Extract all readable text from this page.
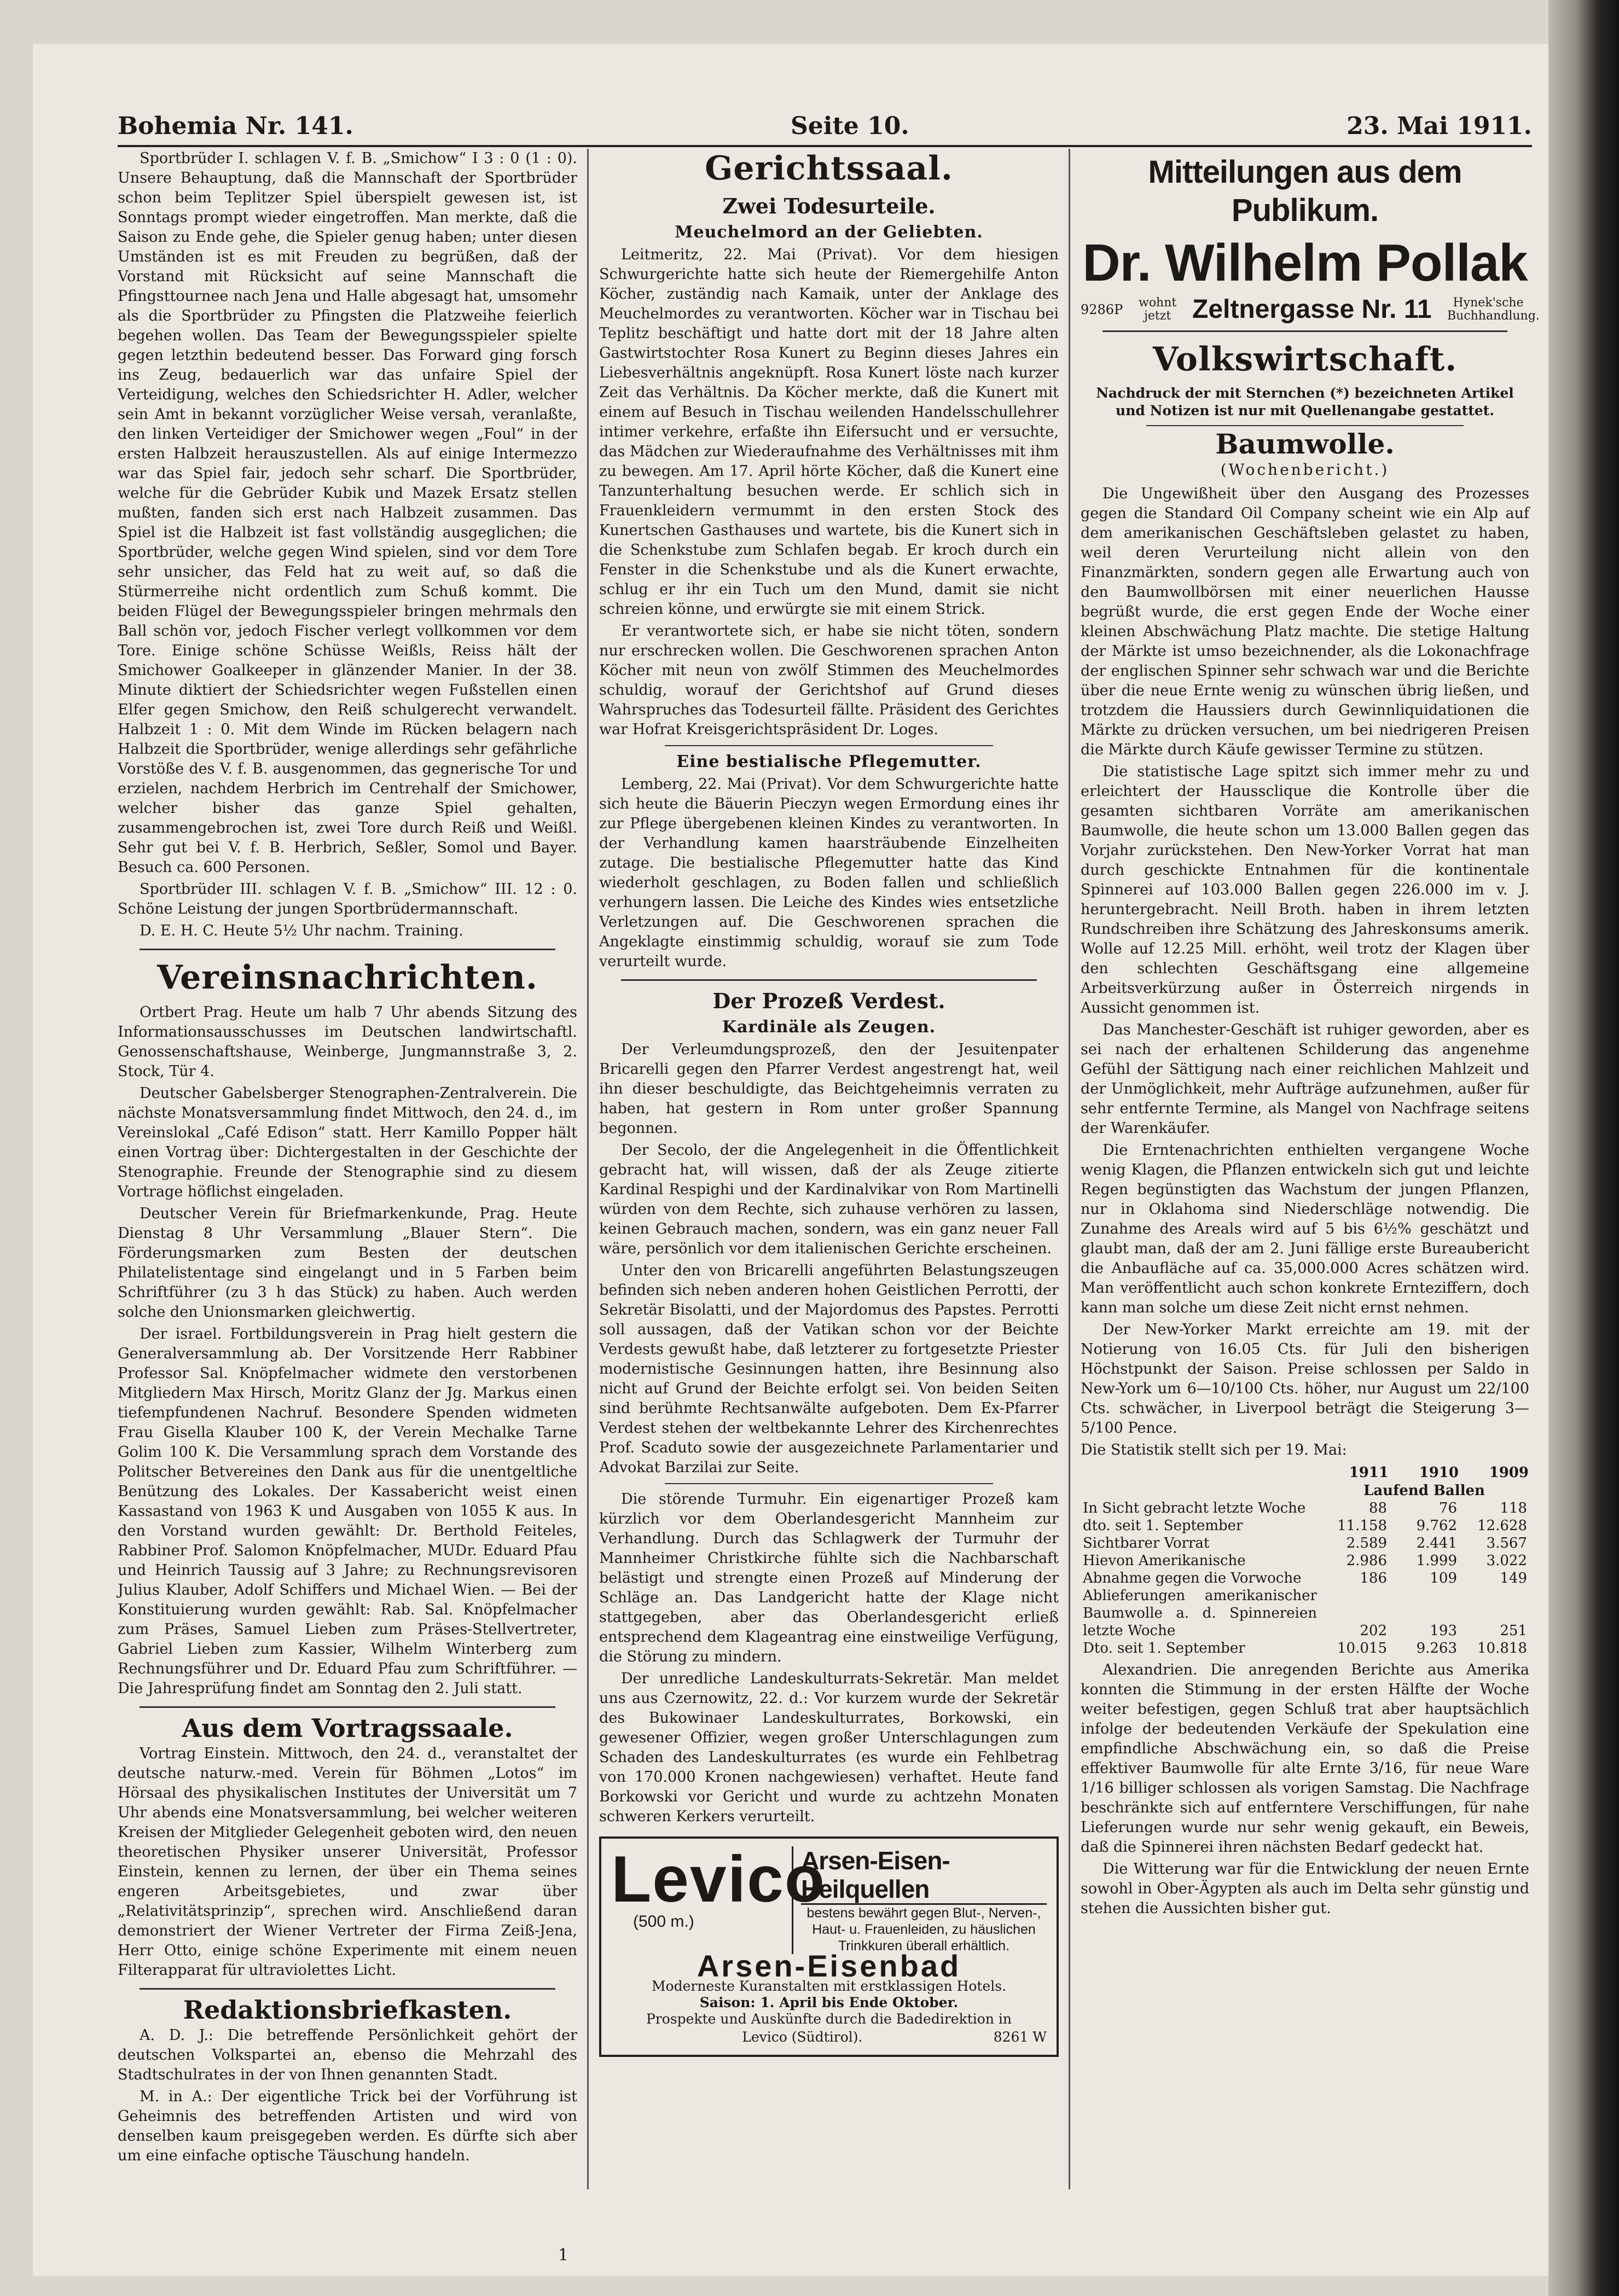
Bohemia Nr. 141.	Seite 10.	23. Mai 1911.

Sportbrüder I. schlagen V. f. B. „Smichow“ I 3 : 0 (1 : 0). Unsere Behauptung, daß die Mannschaft der Sportbrüder schon beim Teplitzer Spiel überspielt gewesen ist, ist Sonntags prompt wieder eingetroffen. Man merkte, daß die Saison zu Ende gehe, die Spieler genug haben; unter diesen Umständen ist es mit Freuden zu begrüßen, daß der Vorstand mit Rücksicht auf seine Mannschaft die Pfingsttournee nach Jena und Halle abgesagt hat, umsomehr als die Sportbrüder zu Pfingsten die Platzweihe feierlich begehen wollen. Das Team der Bewegungsspieler spielte gegen letzthin bedeutend besser. Das Forward ging forsch ins Zeug, bedauerlich war das unfaire Spiel der Verteidigung, welches den Schiedsrichter H. Adler, welcher sein Amt in bekannt vorzüglicher Weise versah, veranlaßte, den linken Verteidiger der Smichower wegen „Foul“ in der ersten Halbzeit herauszustellen. Als auf einige Intermezzo war das Spiel fair, jedoch sehr scharf. Die Sportbrüder, welche für die Gebrüder Kubik und Mazek Ersatz stellen mußten, fanden sich erst nach Halbzeit zusammen. Das Spiel ist die Halbzeit ist fast vollständig ausgeglichen; die Sportbrüder, welche gegen Wind spielen, sind vor dem Tore sehr unsicher, das Feld hat zu weit auf, so daß die Stürmerreihe nicht ordentlich zum Schuß kommt. Die beiden Flügel der Bewegungsspieler bringen mehrmals den Ball schön vor, jedoch Fischer verlegt vollkommen vor dem Tore. Einige schöne Schüsse Weißls, Reiss hält der Smichower Goalkeeper in glänzender Manier. In der 38. Minute diktiert der Schiedsrichter wegen Fußstellen einen Elfer gegen Smichow, den Reiß schulgerecht verwandelt. Halbzeit 1 : 0. Mit dem Winde im Rücken belagern nach Halbzeit die Sportbrüder, wenige allerdings sehr gefährliche Vorstöße des V. f. B. ausgenommen, das gegnerische Tor und erzielen, nachdem Herbrich im Centrehalf der Smichower, welcher bisher das ganze Spiel gehalten, zusammengebrochen ist, zwei Tore durch Reiß und Weißl. Sehr gut bei V. f. B. Herbrich, Seßler, Somol und Bayer. Besuch ca. 600 Personen.

Sportbrüder III. schlagen V. f. B. „Smichow“ III. 12 : 0. Schöne Leistung der jungen Sportbrüdermannschaft.

D. E. H. C. Heute 5½ Uhr nachm. Training.

Vereinsnachrichten.

Ortbert Prag. Heute um halb 7 Uhr abends Sitzung des Informationsausschusses im Deutschen landwirtschaftl. Genossenschaftshause, Weinberge, Jungmannstraße 3, 2. Stock, Tür 4.

Deutscher Gabelsberger Stenographen-Zentralverein. Die nächste Monatsversammlung findet Mittwoch, den 24. d., im Vereinslokal „Café Edison“ statt. Herr Kamillo Popper hält einen Vortrag über: Dichtergestalten in der Geschichte der Stenographie. Freunde der Stenographie sind zu diesem Vortrage höflichst eingeladen.

Deutscher Verein für Briefmarkenkunde, Prag. Heute Dienstag 8 Uhr Versammlung „Blauer Stern“. Die Förderungsmarken zum Besten der deutschen Philatelistentage sind eingelangt und in 5 Farben beim Schriftführer (zu 3 h das Stück) zu haben. Auch werden solche den Unionsmarken gleichwertig.

Der israel. Fortbildungsverein in Prag hielt gestern die Generalversammlung ab. Der Vorsitzende Herr Rabbiner Professor Sal. Knöpfelmacher widmete den verstorbenen Mitgliedern Max Hirsch, Moritz Glanz der Jg. Markus einen tiefempfundenen Nachruf. Besondere Spenden widmeten Frau Gisella Klauber 100 K, der Verein Mechalke Tarne Golim 100 K. Die Versammlung sprach dem Vorstande des Politscher Betvereines den Dank aus für die unentgeltliche Benützung des Lokales. Der Kassabericht weist einen Kassastand von 1963 K und Ausgaben von 1055 K aus. In den Vorstand wurden gewählt: Dr. Berthold Feiteles, Rabbiner Prof. Salomon Knöpfelmacher, MUDr. Eduard Pfau und Heinrich Taussig auf 3 Jahre; zu Rechnungsrevisoren Julius Klauber, Adolf Schiffers und Michael Wien. — Bei der Konstituierung wurden gewählt: Rab. Sal. Knöpfelmacher zum Präses, Samuel Lieben zum Präses-Stellvertreter, Gabriel Lieben zum Kassier, Wilhelm Winterberg zum Rechnungsführer und Dr. Eduard Pfau zum Schriftführer. — Die Jahresprüfung findet am Sonntag den 2. Juli statt.

Aus dem Vortragssaale.

Vortrag Einstein. Mittwoch, den 24. d., veranstaltet der deutsche naturw.-med. Verein für Böhmen „Lotos“ im Hörsaal des physikalischen Institutes der Universität um 7 Uhr abends eine Monatsversammlung, bei welcher weiteren Kreisen der Mitglieder Gelegenheit geboten wird, den neuen theoretischen Physiker unserer Universität, Professor Einstein, kennen zu lernen, der über ein Thema seines engeren Arbeitsgebietes, und zwar über „Relativitätsprinzip“, sprechen wird. Anschließend daran demonstriert der Wiener Vertreter der Firma Zeiß-Jena, Herr Otto, einige schöne Experimente mit einem neuen Filterapparat für ultraviolettes Licht.

Redaktionsbriefkasten.

A. D. J.: Die betreffende Persönlichkeit gehört der deutschen Volkspartei an, ebenso die Mehrzahl des Stadtschulrates in der von Ihnen genannten Stadt.

M. in A.: Der eigentliche Trick bei der Vorführung ist Geheimnis des betreffenden Artisten und wird von denselben kaum preisgegeben werden. Es dürfte sich aber um eine einfache optische Täuschung handeln.

Gerichtssaal.
Zwei Todesurteile.
Meuchelmord an der Geliebten.

Leitmeritz, 22. Mai (Privat). Vor dem hiesigen Schwurgerichte hatte sich heute der Riemergehilfe Anton Köcher, zuständig nach Kamaik, unter der Anklage des Meuchelmordes zu verantworten. Köcher war in Tischau bei Teplitz beschäftigt und hatte dort mit der 18 Jahre alten Gastwirtstochter Rosa Kunert zu Beginn dieses Jahres ein Liebesverhältnis angeknüpft. Rosa Kunert löste nach kurzer Zeit das Verhältnis. Da Köcher merkte, daß die Kunert mit einem auf Besuch in Tischau weilenden Handelsschullehrer intimer verkehre, erfaßte ihn Eifersucht und er versuchte, das Mädchen zur Wiederaufnahme des Verhältnisses mit ihm zu bewegen. Am 17. April hörte Köcher, daß die Kunert eine Tanzunterhaltung besuchen werde. Er schlich sich in Frauenkleidern vermummt in den ersten Stock des Kunertschen Gasthauses und wartete, bis die Kunert sich in die Schenkstube zum Schlafen begab. Er kroch durch ein Fenster in die Schenkstube und als die Kunert erwachte, schlug er ihr ein Tuch um den Mund, damit sie nicht schreien könne, und erwürgte sie mit einem Strick.

Er verantwortete sich, er habe sie nicht töten, sondern nur erschrecken wollen. Die Geschworenen sprachen Anton Köcher mit neun von zwölf Stimmen des Meuchelmordes schuldig, worauf der Gerichtshof auf Grund dieses Wahrspruches das Todesurteil fällte. Präsident des Gerichtes war Hofrat Kreisgerichtspräsident Dr. Loges.

Eine bestialische Pflegemutter.

Lemberg, 22. Mai (Privat). Vor dem Schwurgerichte hatte sich heute die Bäuerin Pieczyn wegen Ermordung eines ihr zur Pflege übergebenen kleinen Kindes zu verantworten. In der Verhandlung kamen haarsträubende Einzelheiten zutage. Die bestialische Pflegemutter hatte das Kind wiederholt geschlagen, zu Boden fallen und schließlich verhungern lassen. Die Leiche des Kindes wies entsetzliche Verletzungen auf. Die Geschworenen sprachen die Angeklagte einstimmig schuldig, worauf sie zum Tode verurteilt wurde.

Der Prozeß Verdest.
Kardinäle als Zeugen.

Der Verleumdungsprozeß, den der Jesuitenpater Bricarelli gegen den Pfarrer Verdest angestrengt hat, weil ihn dieser beschuldigte, das Beichtgeheimnis verraten zu haben, hat gestern in Rom unter großer Spannung begonnen.

Der Secolo, der die Angelegenheit in die Öffentlichkeit gebracht hat, will wissen, daß der als Zeuge zitierte Kardinal Respighi und der Kardinalvikar von Rom Martinelli würden von dem Rechte, sich zuhause verhören zu lassen, keinen Gebrauch machen, sondern, was ein ganz neuer Fall wäre, persönlich vor dem italienischen Gerichte erscheinen.

Unter den von Bricarelli angeführten Belastungszeugen befinden sich neben anderen hohen Geistlichen Perrotti, der Sekretär Bisolatti, und der Majordomus des Papstes. Perrotti soll aussagen, daß der Vatikan schon vor der Beichte Verdests gewußt habe, daß letzterer zu fortgesetzte Priester modernistische Gesinnungen hatten, ihre Besinnung also nicht auf Grund der Beichte erfolgt sei. Von beiden Seiten sind berühmte Rechtsanwälte aufgeboten. Dem Ex-Pfarrer Verdest stehen der weltbekannte Lehrer des Kirchenrechtes Prof. Scaduto sowie der ausgezeichnete Parlamentarier und Advokat Barzilai zur Seite.

Die störende Turmuhr. Ein eigenartiger Prozeß kam kürzlich vor dem Oberlandesgericht Mannheim zur Verhandlung. Durch das Schlagwerk der Turmuhr der Mannheimer Christkirche fühlte sich die Nachbarschaft belästigt und strengte einen Prozeß auf Minderung der Schläge an. Das Landgericht hatte der Klage nicht stattgegeben, aber das Oberlandesgericht erließ entsprechend dem Klageantrag eine einstweilige Verfügung, die Störung zu mindern.

Der unredliche Landeskulturrats-Sekretär. Man meldet uns aus Czernowitz, 22. d.: Vor kurzem wurde der Sekretär des Bukowinaer Landeskulturrates, Borkowski, ein gewesener Offizier, wegen großer Unterschlagungen zum Schaden des Landeskulturrates (es wurde ein Fehlbetrag von 170.000 Kronen nachgewiesen) verhaftet. Heute fand Borkowski vor Gericht und wurde zu achtzehn Monaten schweren Kerkers verurteilt.

Levico
(500 m.)
Arsen-Eisen-Heilquellen
bestens bewährt gegen Blut-, Nerven-, Haut- u. Frauenleiden, zu häuslichen Trinkkuren überall erhältlich.
Arsen-Eisenbad
Moderneste Kuranstalten mit erstklassigen Hotels.
Saison: 1. April bis Ende Oktober.
Prospekte und Auskünfte durch die Badedirektion in
Levico (Südtirol).	8261 W
Mitteilungen aus dem Publikum.
Dr. Wilhelm Pollak
9286P wohnt jetzt Zeltnergasse Nr. 11	Hynek'sche Buchhandlung.
Volkswirtschaft.
Nachdruck der mit Sternchen (*) bezeichneten Artikel und Notizen ist nur mit Quellenangabe gestattet.
Baumwolle.
(Wochenbericht.)

Die Ungewißheit über den Ausgang des Prozesses gegen die Standard Oil Company scheint wie ein Alp auf dem amerikanischen Geschäftsleben gelastet zu haben, weil deren Verurteilung nicht allein von den Finanzmärkten, sondern gegen alle Erwartung auch von den Baumwollbörsen mit einer neuerlichen Hausse begrüßt wurde, die erst gegen Ende der Woche einer kleinen Abschwächung Platz machte. Die stetige Haltung der Märkte ist umso bezeichnender, als die Lokonachfrage der englischen Spinner sehr schwach war und die Berichte über die neue Ernte wenig zu wünschen übrig ließen, und trotzdem die Haussiers durch Gewinnliquidationen die Märkte zu drücken versuchen, um bei niedrigeren Preisen die Märkte durch Käufe gewisser Termine zu stützen.

Die statistische Lage spitzt sich immer mehr zu und erleichtert der Haussclique die Kontrolle über die gesamten sichtbaren Vorräte am amerikanischen Baumwolle, die heute schon um 13.000 Ballen gegen das Vorjahr zurückstehen. Den New-Yorker Vorrat hat man durch geschickte Entnahmen für die kontinentale Spinnerei auf 103.000 Ballen gegen 226.000 im v. J. heruntergebracht. Neill Broth. haben in ihrem letzten Rundschreiben ihre Schätzung des Jahreskonsums amerik. Wolle auf 12.25 Mill. erhöht, weil trotz der Klagen über den schlechten Geschäftsgang eine allgemeine Arbeitsverkürzung außer in Österreich nirgends in Aussicht genommen ist.

Das Manchester-Geschäft ist ruhiger geworden, aber es sei nach der erhaltenen Schilderung das angenehme Gefühl der Sättigung nach einer reichlichen Mahlzeit und der Unmöglichkeit, mehr Aufträge aufzunehmen, außer für sehr entfernte Termine, als Mangel von Nachfrage seitens der Warenkäufer.

Die Erntenachrichten enthielten vergangene Woche wenig Klagen, die Pflanzen entwickeln sich gut und leichte Regen begünstigten das Wachstum der jungen Pflanzen, nur in Oklahoma sind Niederschläge notwendig. Die Zunahme des Areals wird auf 5 bis 6½% geschätzt und glaubt man, daß der am 2. Juni fällige erste Bureaubericht die Anbaufläche auf ca. 35,000.000 Acres schätzen wird. Man veröffentlicht auch schon konkrete Ernteziffern, doch kann man solche um diese Zeit nicht ernst nehmen.

Der New-Yorker Markt erreichte am 19. mit der Notierung von 16.05 Cts. für Juli den bisherigen Höchstpunkt der Saison. Preise schlossen per Saldo in New-York um 6—10/100 Cts. höher, nur August um 22/100 Cts. schwächer, in Liverpool beträgt die Steigerung 3—5/100 Pence.

Die Statistik stellt sich per 19. Mai:

	1911	1910	1909
	Laufend Ballen		
In Sicht gebracht letzte Woche	88	76	118
dto. seit 1. September	11.158	9.762	12.628
Sichtbarer Vorrat	2.589	2.441	3.567
Hievon Amerikanische	2.986	1.999	3.022
Abnahme gegen die Vorwoche	186	109	149
Ablieferungen amerikanischer Baumwolle a. d. Spinnereien letzte Woche	202	193	251
Dto. seit 1. September	10.015	9.263	10.818

Alexandrien. Die anregenden Berichte aus Amerika konnten die Stimmung in der ersten Hälfte der Woche weiter befestigen, gegen Schluß trat aber hauptsächlich infolge der bedeutenden Verkäufe der Spekulation eine empfindliche Abschwächung ein, so daß die Preise effektiver Baumwolle für alte Ernte 3/16, für neue Ware 1/16 billiger schlossen als vorigen Samstag. Die Nachfrage beschränkte sich auf entferntere Verschiffungen, für nahe Lieferungen wurde nur sehr wenig gekauft, ein Beweis, daß die Spinnerei ihren nächsten Bedarf gedeckt hat.

Die Witterung war für die Entwicklung der neuen Ernte sowohl in Ober-Ägypten als auch im Delta sehr günstig und stehen die Aussichten bisher gut.

1
